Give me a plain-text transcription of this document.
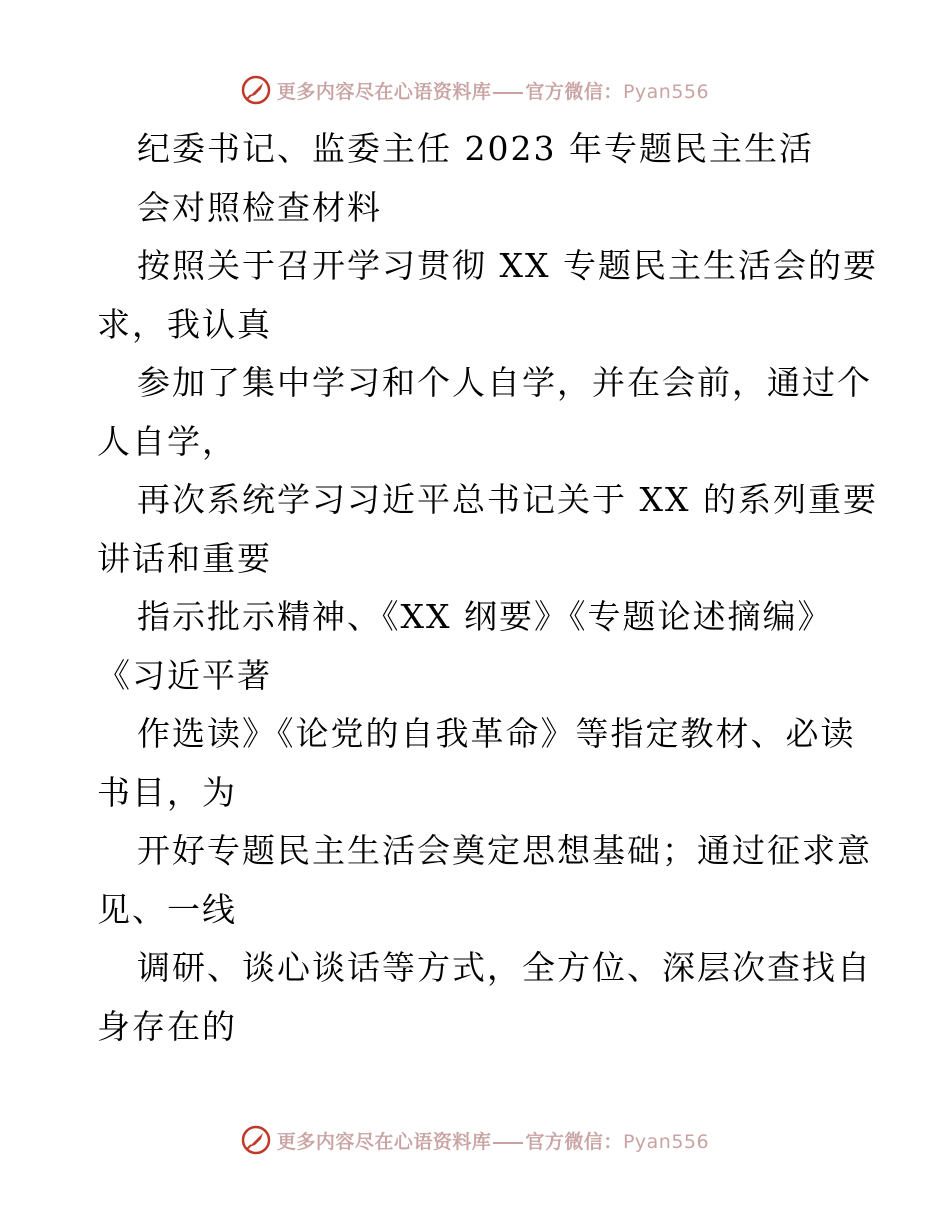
更多内容尽在心语资料库 官方微信：Pyan556
纪委书记、监委主任 2023 年专题民主生活
会对照检查材料
按照关于召开学习贯彻 XX 专题民主生活会的要
求，我认真
参加了集中学习和个人自学，并在会前，通过个
人自学，
再次系统学习习近平总书记关于 XX 的系列重要
讲话和重要
指示批示精神、《XX 纲要》《专题论述摘编》
《习近平著
作选读》《论党的自我革命》等指定教材、必读
书目，为
开好专题民主生活会奠定思想基础；通过征求意
见、一线
调研、谈心谈话等方式，全方位、深层次查找自
身存在的
更多内容尽在心语资料库 官方微信：Pyan556
